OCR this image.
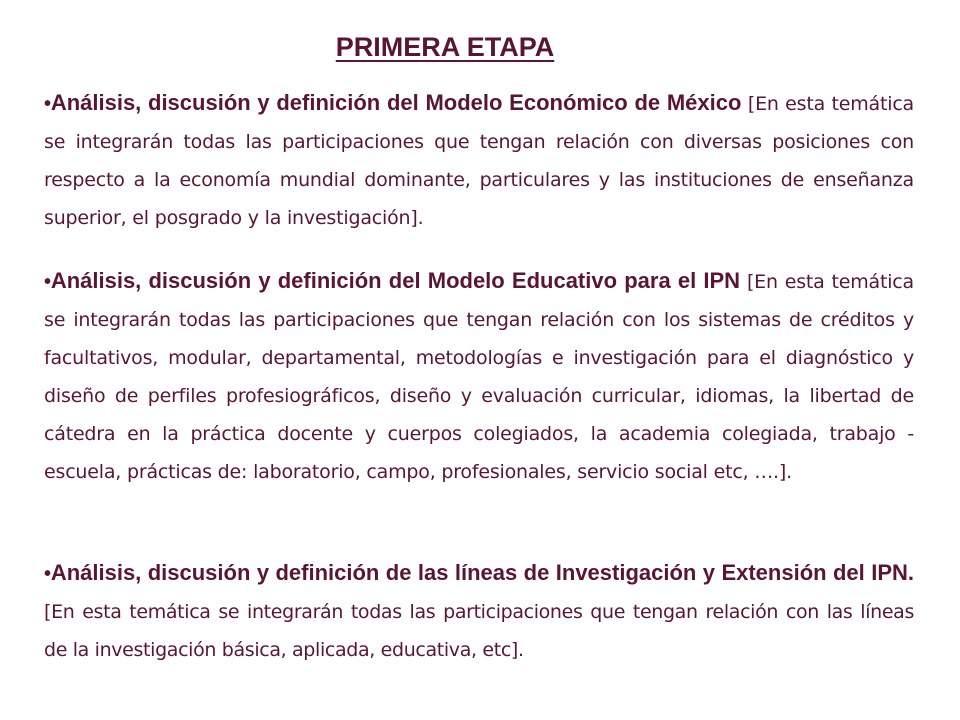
PRIMERA ETAPA

•Análisis, discusión y definición del Modelo Económico de México [En esta temática se integrarán todas las participaciones que tengan relación con diversas posiciones con respecto a la economía mundial dominante, particulares y las instituciones de enseñanza superior, el posgrado y la investigación].

•Análisis, discusión y definición del Modelo Educativo para el IPN [En esta temática se integrarán todas las participaciones que tengan relación con los sistemas de créditos y facultativos, modular, departamental, metodologías e investigación para el diagnóstico y diseño de perfiles profesiográficos, diseño y evaluación curricular, idiomas, la libertad de cátedra en la práctica docente y cuerpos colegiados, la academia colegiada, trabajo - escuela, prácticas de: laboratorio, campo, profesionales, servicio social etc, ….].

•Análisis, discusión y definición de las líneas de Investigación y Extensión del IPN. [En esta temática se integrarán todas las participaciones que tengan relación con las líneas de la investigación básica, aplicada, educativa, etc].
